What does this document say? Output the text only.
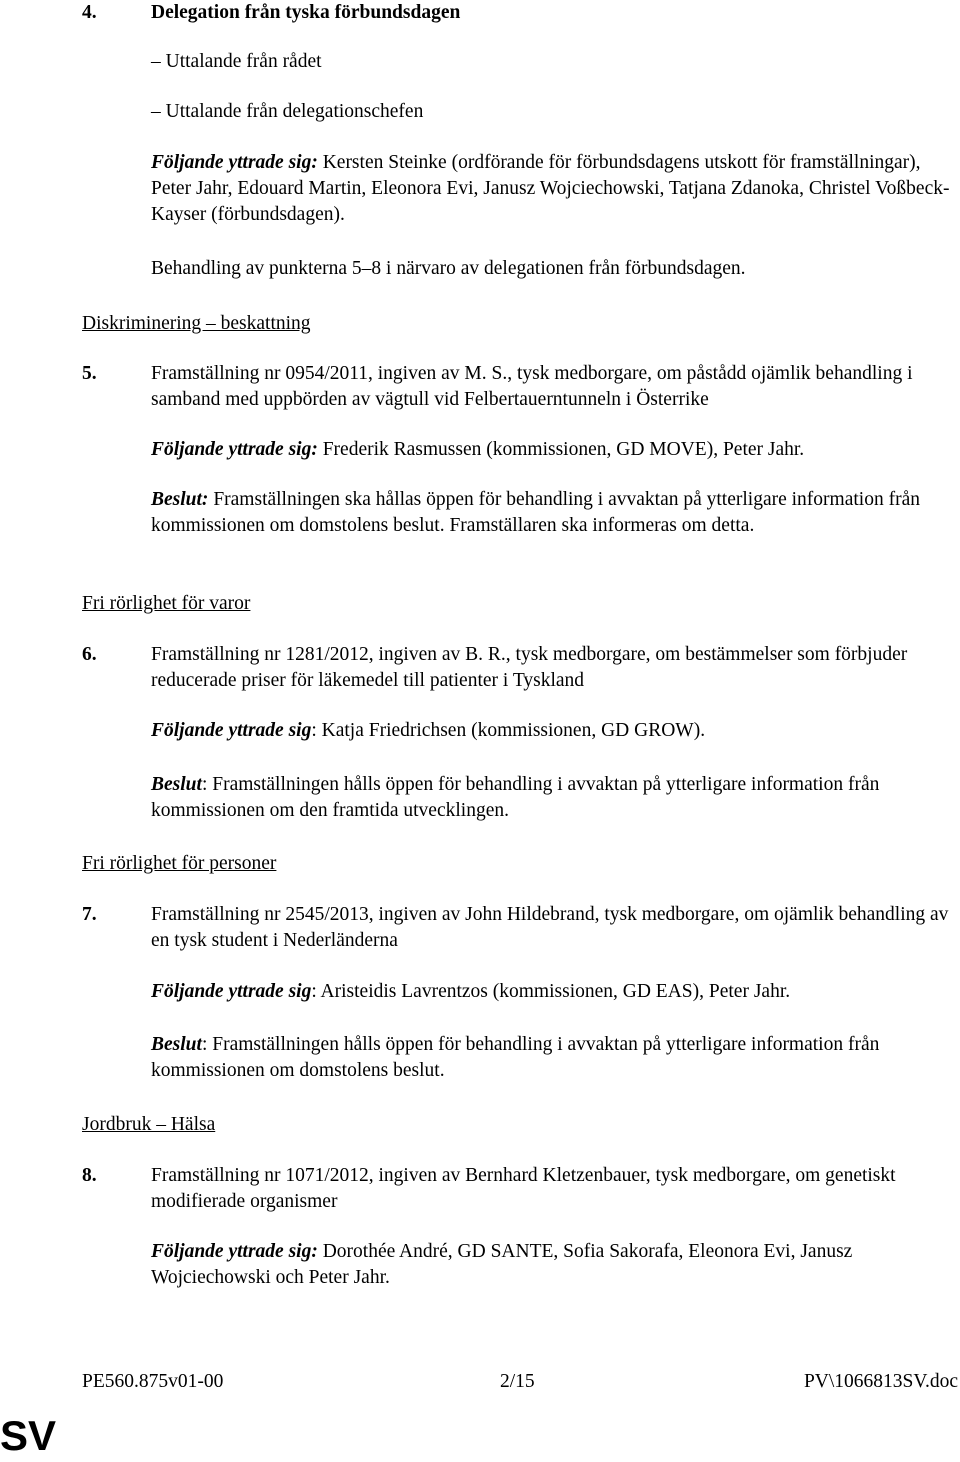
4.	Delegation från tyska förbundsdagen
– Uttalande från rådet
– Uttalande från delegationschefen
Följande yttrade sig: Kersten Steinke (ordförande för förbundsdagens utskott för framställningar), Peter Jahr, Edouard Martin, Eleonora Evi, Janusz Wojciechowski, Tatjana Zdanoka, Christel Voßbeck-Kayser (förbundsdagen).
Behandling av punkterna 5–8 i närvaro av delegationen från förbundsdagen.
Diskriminering – beskattning
5.	Framställning nr 0954/2011, ingiven av M. S., tysk medborgare, om påstådd ojämlik behandling i samband med uppbörden av vägtull vid Felbertauerntunneln i Österrike
Följande yttrade sig: Frederik Rasmussen (kommissionen, GD MOVE), Peter Jahr.
Beslut: Framställningen ska hållas öppen för behandling i avvaktan på ytterligare information från kommissionen om domstolens beslut. Framställaren ska informeras om detta.
Fri rörlighet för varor
6.	Framställning nr 1281/2012, ingiven av B. R., tysk medborgare, om bestämmelser som förbjuder reducerade priser för läkemedel till patienter i Tyskland
Följande yttrade sig: Katja Friedrichsen (kommissionen, GD GROW).
Beslut: Framställningen hålls öppen för behandling i avvaktan på ytterligare information från kommissionen om den framtida utvecklingen.
Fri rörlighet för personer
7.	Framställning nr 2545/2013, ingiven av John Hildebrand, tysk medborgare, om ojämlik behandling av en tysk student i Nederländerna
Följande yttrade sig: Aristeidis Lavrentzos (kommissionen, GD EAS), Peter Jahr.
Beslut: Framställningen hålls öppen för behandling i avvaktan på ytterligare information från kommissionen om domstolens beslut.
Jordbruk – Hälsa
8.	Framställning nr 1071/2012, ingiven av Bernhard Kletzenbauer, tysk medborgare, om genetiskt modifierade organismer
Följande yttrade sig: Dorothée André, GD SANTE, Sofia Sakorafa, Eleonora Evi, Janusz Wojciechowski och Peter Jahr.
PE560.875v01-00	2/15	PV\1066813SV.doc
SV
